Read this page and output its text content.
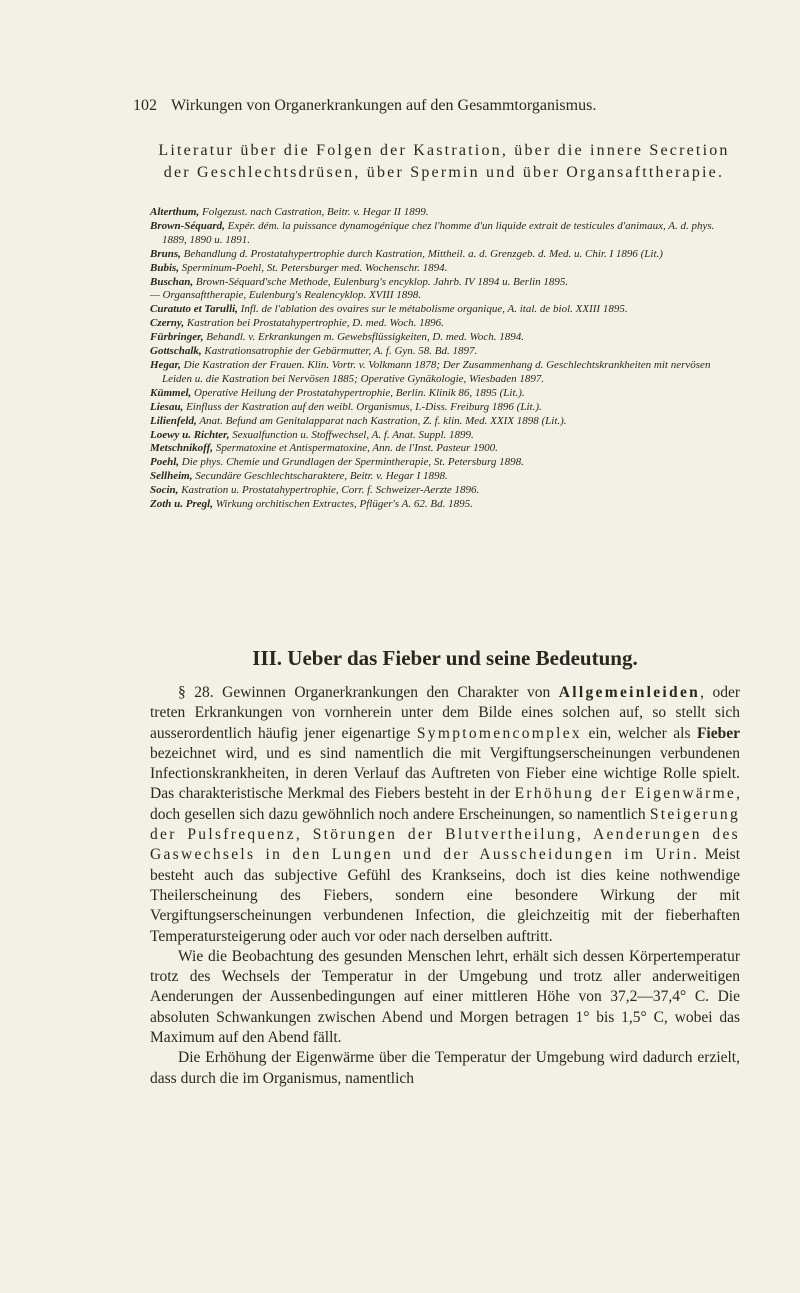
102 Wirkungen von Organerkrankungen auf den Gesammtorganismus.
Literatur über die Folgen der Kastration, über die innere Secretion der Geschlechtsdrüsen, über Spermin und über Organsafttherapie.
Alterthum, Folgezust. nach Castration, Beitr. v. Hegar II 1899.
Brown-Séquard, Expér. dém. la puissance dynamogénique chez l'homme d'un liquide extrait de testicules d'animaux, A. d. phys. 1889, 1890 u. 1891.
Bruns, Behandlung d. Prostatahypertrophie durch Kastration, Mittheil. a. d. Grenzgeb. d. Med. u. Chir. I 1896 (Lit.)
Bubis, Sperminum-Poehl, St. Petersburger med. Wochenschr. 1894.
Buschan, Brown-Séquard'sche Methode, Eulenburg's encyklop. Jahrb. IV 1894 u. Berlin 1895.
— Organsafttherapie, Eulenburg's Realencyklop. XVIII 1898.
Curatuto et Tarulli, Infl. de l'ablation des ovaires sur le métabolisme organique, A. ital. de biol. XXIII 1895.
Czerny, Kastration bei Prostatahypertrophie, D. med. Woch. 1896.
Fürbringer, Behandl. v. Erkrankungen m. Gewebsflüssigkeiten, D. med. Woch. 1894.
Gottschalk, Kastrationsatrophie der Gebärmutter, A. f. Gyn. 58. Bd. 1897.
Hegar, Die Kastration der Frauen. Klin. Vortr. v. Volkmann 1878; Der Zusammenhang d. Geschlechtskrankheiten mit nervösen Leiden u. die Kastration bei Nervösen 1885; Operative Gynäkologie, Wiesbaden 1897.
Kümmel, Operative Heilung der Prostatahypertrophie, Berlin. Klinik 86, 1895 (Lit.).
Liesau, Einfluss der Kastration auf den weibl. Organismus, I.-Diss. Freiburg 1896 (Lit.).
Lilienfeld, Anat. Befund am Genitalapparat nach Kastration, Z. f. klin. Med. XXIX 1898 (Lit.).
Loewy u. Richter, Sexualfunction u. Stoffwechsel, A. f. Anat. Suppl. 1899.
Metschnikoff, Spermatoxine et Antispermatoxine, Ann. de l'Inst. Pasteur 1900.
Poehl, Die phys. Chemie und Grundlagen der Spermintherapie, St. Petersburg 1898.
Sellheim, Secundäre Geschlechtscharaktere, Beitr. v. Hegar I 1898.
Socin, Kastration u. Prostatahypertrophie, Corr. f. Schweizer-Aerzte 1896.
Zoth u. Pregl, Wirkung orchitischen Extractes, Pflüger's A. 62. Bd. 1895.
III. Ueber das Fieber und seine Bedeutung.

§ 28. Gewinnen Organerkrankungen den Charakter von Allgemeinleiden, oder treten Erkrankungen von vornherein unter dem Bilde eines solchen auf, so stellt sich ausserordentlich häufig jener eigenartige Symptomencomplex ein, welcher als Fieber bezeichnet wird, und es sind namentlich die mit Vergiftungserscheinungen verbundenen Infectionskrankheiten, in deren Verlauf das Auftreten von Fieber eine wichtige Rolle spielt. Das charakteristische Merkmal des Fiebers besteht in der Erhöhung der Eigenwärme, doch gesellen sich dazu gewöhnlich noch andere Erscheinungen, so namentlich Steigerung der Pulsfrequenz, Störungen der Blutvertheilung, Aenderungen des Gaswechsels in den Lungen und der Ausscheidungen im Urin. Meist besteht auch das subjective Gefühl des Krankseins, doch ist dies keine nothwendige Theilerscheinung des Fiebers, sondern eine besondere Wirkung der mit Vergiftungserscheinungen verbundenen Infection, die gleichzeitig mit der fieberhaften Temperatursteigerung oder auch vor oder nach derselben auftritt.

Wie die Beobachtung des gesunden Menschen lehrt, erhält sich dessen Körpertemperatur trotz des Wechsels der Temperatur in der Umgebung und trotz aller anderweitigen Aenderungen der Aussenbedingungen auf einer mittleren Höhe von 37,2—37,4° C. Die absoluten Schwankungen zwischen Abend und Morgen betragen 1° bis 1,5° C, wobei das Maximum auf den Abend fällt.

Die Erhöhung der Eigenwärme über die Temperatur der Umgebung wird dadurch erzielt, dass durch die im Organismus, namentlich
